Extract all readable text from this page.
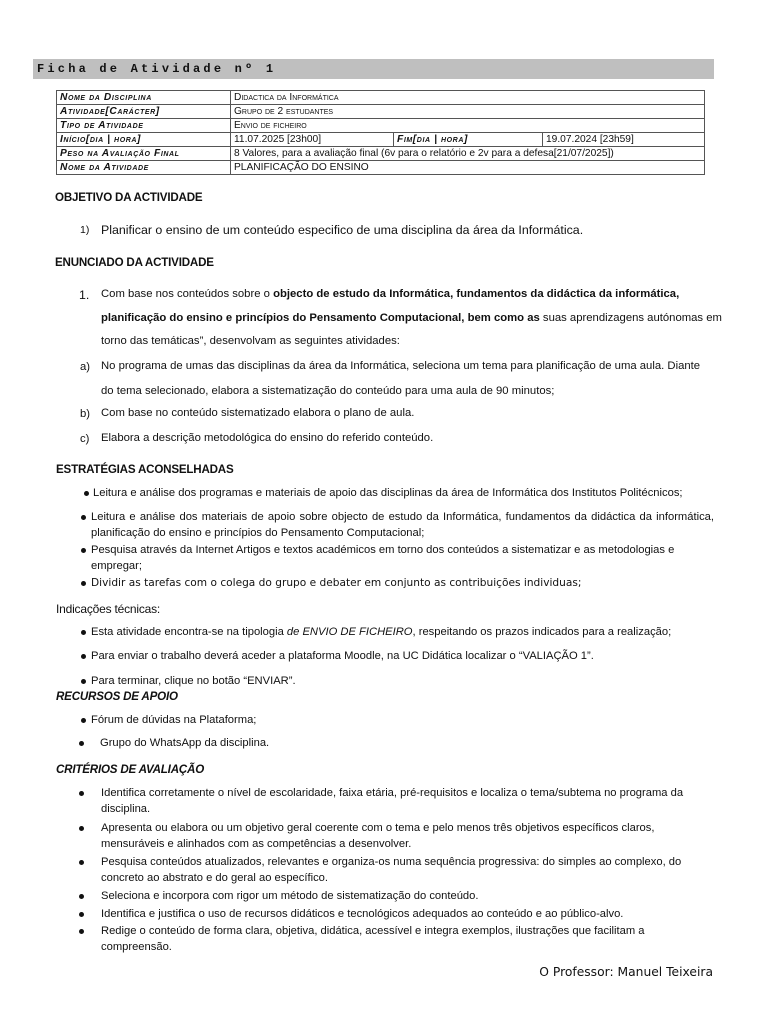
Ficha de Atividade nº 1
Nome da Disciplina	Didactica da Informática		
Atividade[Carácter]	Grupo de 2 estudantes		
Tipo de Atividade	Envio de ficheiro		
Início[dia | hora]	11.07.2025 [23h00]	Fim[dia | hora]	19.07.2024 [23h59]
Peso na Avaliação Final	8 Valores, para a avaliação final (6v para o relatório e 2v para a defesa[21/07/2025])		
Nome da Atividade	PLANIFICAÇÃO DO ENSINO		
OBJETIVO DA ACTIVIDADE
1) Planificar o ensino de um conteúdo especifico de uma disciplina da área da Informática.
ENUNCIADO DA ACTIVIDADE
1. Com base nos conteúdos sobre o objecto de estudo da Informática, fundamentos da didáctica da informática,
planificação do ensino e princípios do Pensamento Computacional, bem como as suas aprendizagens autónomas em
torno das temáticas”, desenvolvam as seguintes atividades:
a) No programa de umas das disciplinas da área da Informática, seleciona um tema para planificação de uma aula. Diante
do tema selecionado, elabora a sistematização do conteúdo para uma aula de 90 minutos;
b) Com base no conteúdo sistematizado elabora o plano de aula.
c) Elabora a descrição metodológica do ensino do referido conteúdo.
ESTRATÉGIAS ACONSELHADAS
Leitura e análise dos programas e materiais de apoio das disciplinas da área de Informática dos Institutos Politécnicos;
Leitura e análise dos materiais de apoio sobre objecto de estudo da Informática, fundamentos da didáctica da informática, planificação do ensino e princípios do Pensamento Computacional;
Pesquisa através da Internet Artigos e textos académicos em torno dos conteúdos a sistematizar e as metodologias e empregar;
Dividir as tarefas com o colega do grupo e debater em conjunto as contribuições individuas;
Indicações técnicas:
Esta atividade encontra-se na tipologia de ENVIO DE FICHEIRO, respeitando os prazos indicados para a realização;
Para enviar o trabalho deverá aceder a plataforma Moodle, na UC Didática localizar o “VALIAÇÃO 1”.
Para terminar, clique no botão “ENVIAR”.
RECURSOS DE APOIO
Fórum de dúvidas na Plataforma;
Grupo do WhatsApp da disciplina.
CRITÉRIOS DE AVALIAÇÃO
Identifica corretamente o nível de escolaridade, faixa etária, pré-requisitos e localiza o tema/subtema no programa da disciplina.
Apresenta ou elabora ou um objetivo geral coerente com o tema e pelo menos três objetivos específicos claros, mensuráveis e alinhados com as competências a desenvolver.
Pesquisa conteúdos atualizados, relevantes e organiza-os numa sequência progressiva: do simples ao complexo, do concreto ao abstrato e do geral ao específico.
Seleciona e incorpora com rigor um método de sistematização do conteúdo.
Identifica e justifica o uso de recursos didáticos e tecnológicos adequados ao conteúdo e ao público-alvo.
Redige o conteúdo de forma clara, objetiva, didática, acessível e integra exemplos, ilustrações que facilitam a compreensão.
O Professor: Manuel Teixeira
